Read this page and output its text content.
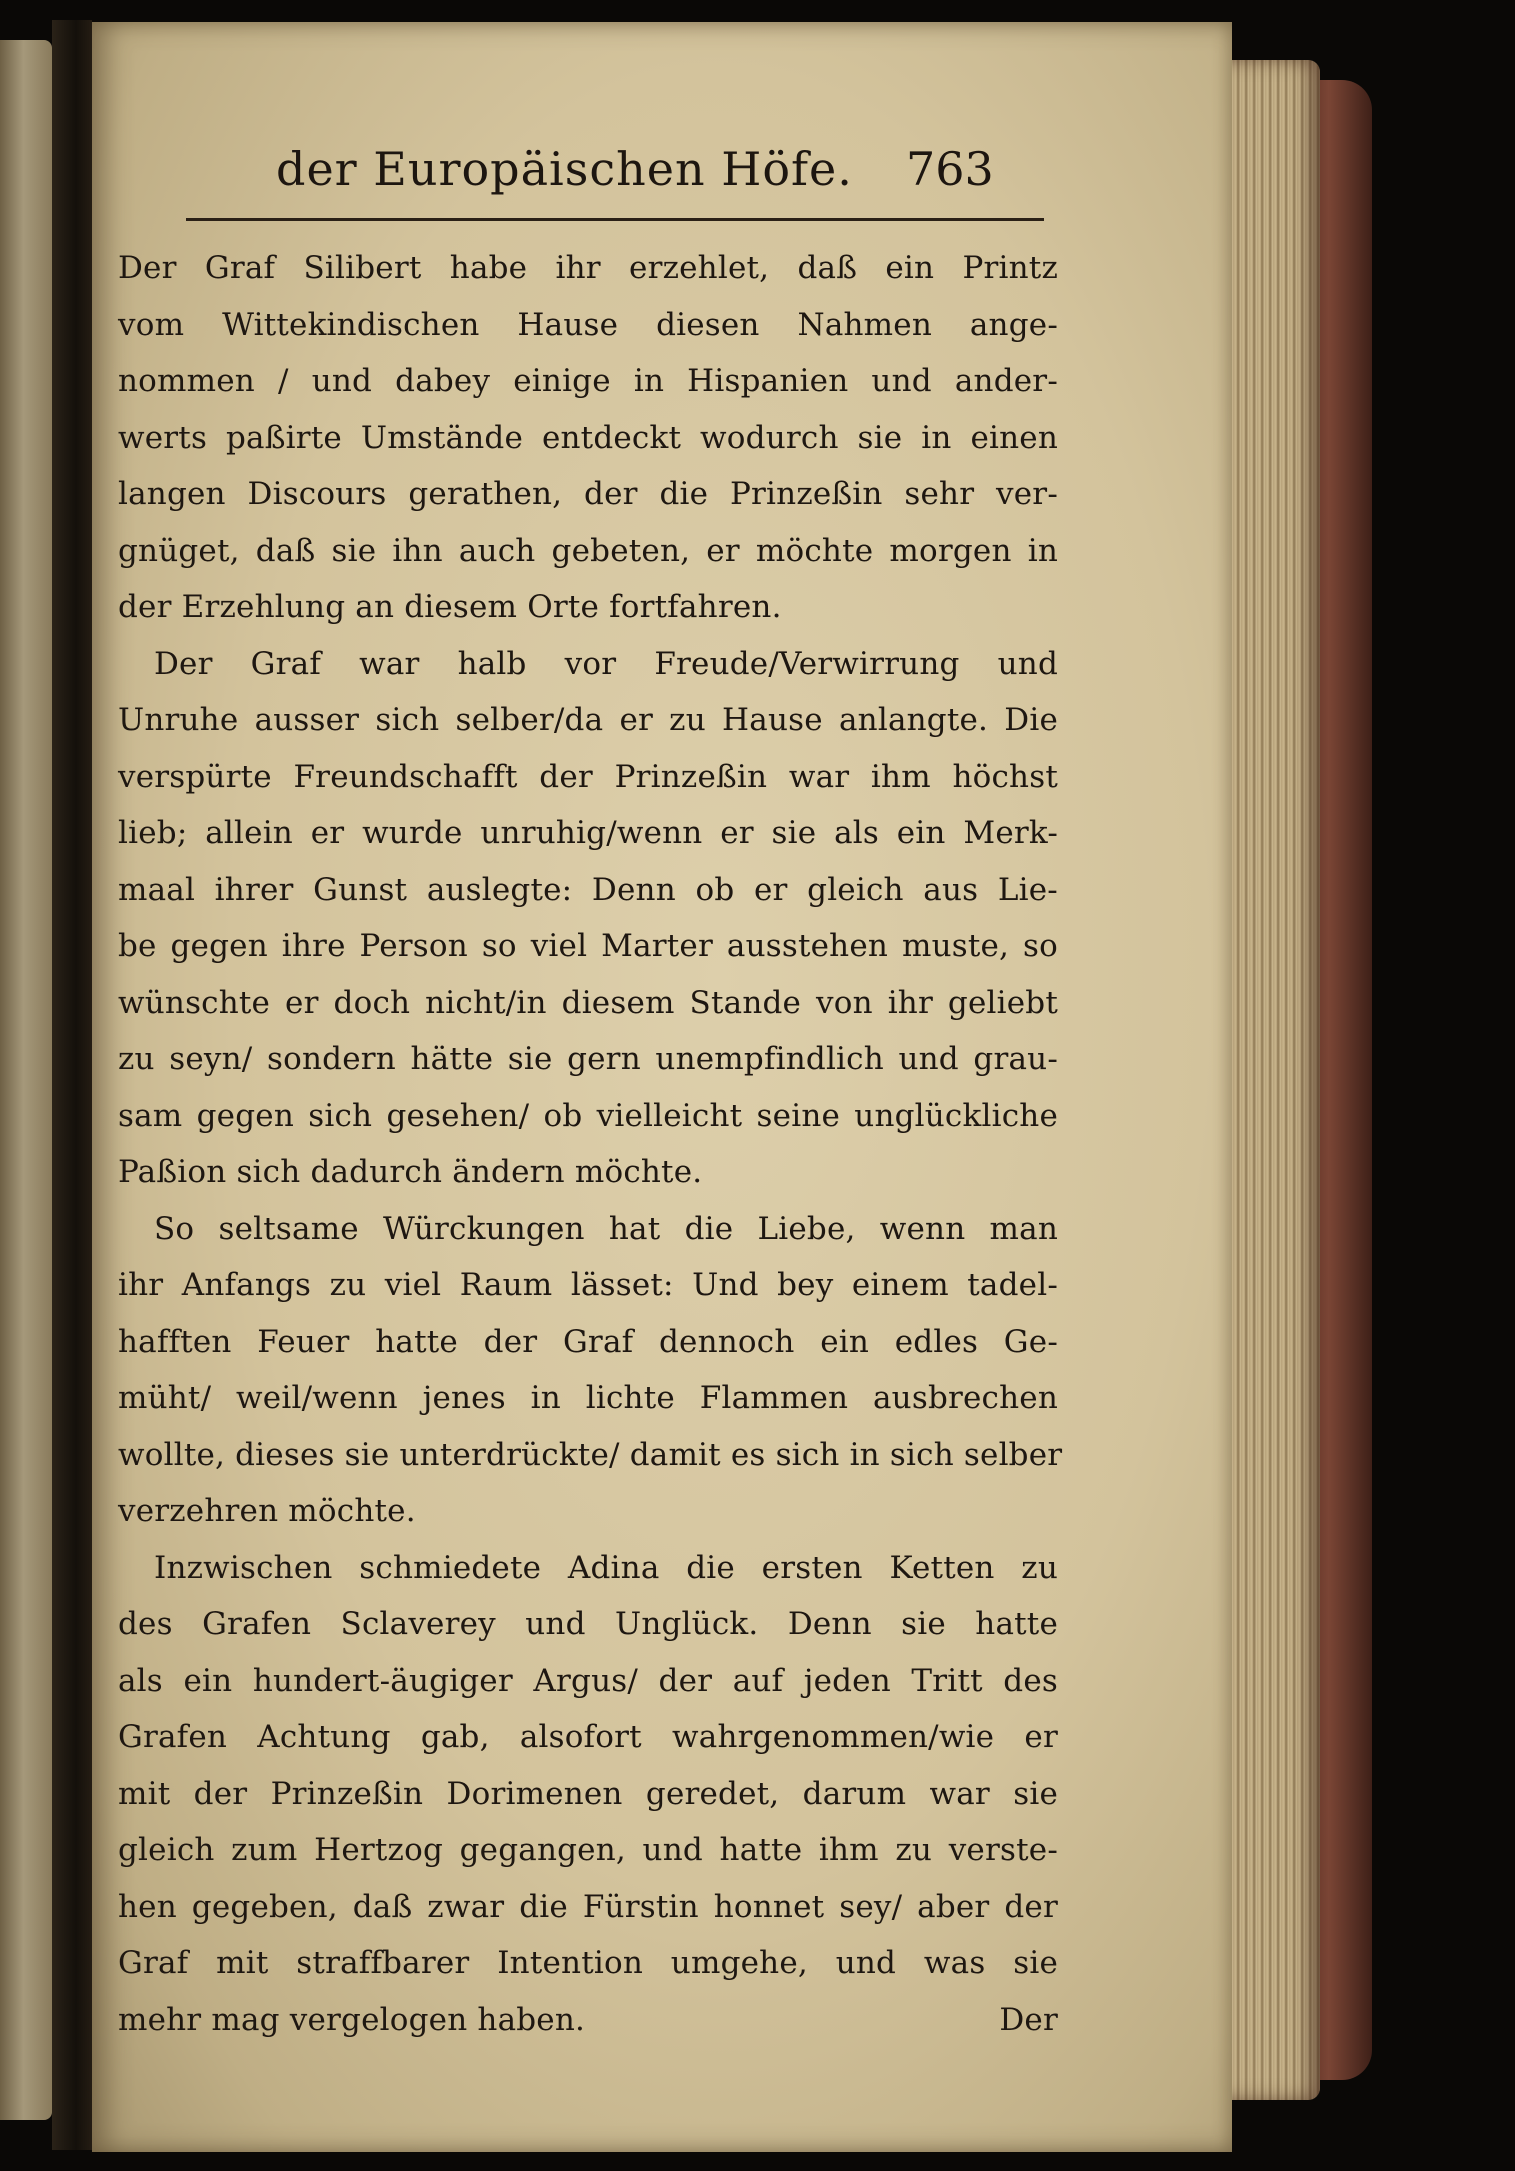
der Europäischen Höfe. 763
Der Graf Silibert habe ihr erzehlet, daß ein Printz
vom Wittekindischen Hause diesen Nahmen ange-
nommen / und dabey einige in Hispanien und ander-
werts paßirte Umstände entdeckt wodurch sie in einen
langen Discours gerathen, der die Prinzeßin sehr ver-
gnüget, daß sie ihn auch gebeten, er möchte morgen in
der Erzehlung an diesem Orte fortfahren.
Der Graf war halb vor Freude/Verwirrung und
Unruhe ausser sich selber/da er zu Hause anlangte. Die
verspürte Freundschafft der Prinzeßin war ihm höchst
lieb; allein er wurde unruhig/wenn er sie als ein Merk-
maal ihrer Gunst auslegte: Denn ob er gleich aus Lie-
be gegen ihre Person so viel Marter ausstehen muste, so
wünschte er doch nicht/in diesem Stande von ihr geliebt
zu seyn/ sondern hätte sie gern unempfindlich und grau-
sam gegen sich gesehen/ ob vielleicht seine unglückliche
Paßion sich dadurch ändern möchte.
So seltsame Würckungen hat die Liebe, wenn man
ihr Anfangs zu viel Raum lässet: Und bey einem tadel-
hafften Feuer hatte der Graf dennoch ein edles Ge-
müht/ weil/wenn jenes in lichte Flammen ausbrechen
wollte, dieses sie unterdrückte/ damit es sich in sich selber
verzehren möchte.
Inzwischen schmiedete Adina die ersten Ketten zu
des Grafen Sclaverey und Unglück. Denn sie hatte
als ein hundert-äugiger Argus/ der auf jeden Tritt des
Grafen Achtung gab, alsofort wahrgenommen/wie er
mit der Prinzeßin Dorimenen geredet, darum war sie
gleich zum Hertzog gegangen, und hatte ihm zu verste-
hen gegeben, daß zwar die Fürstin honnet sey/ aber der
Graf mit straffbarer Intention umgehe, und was sie
mehr mag vergelogen haben.	Der
